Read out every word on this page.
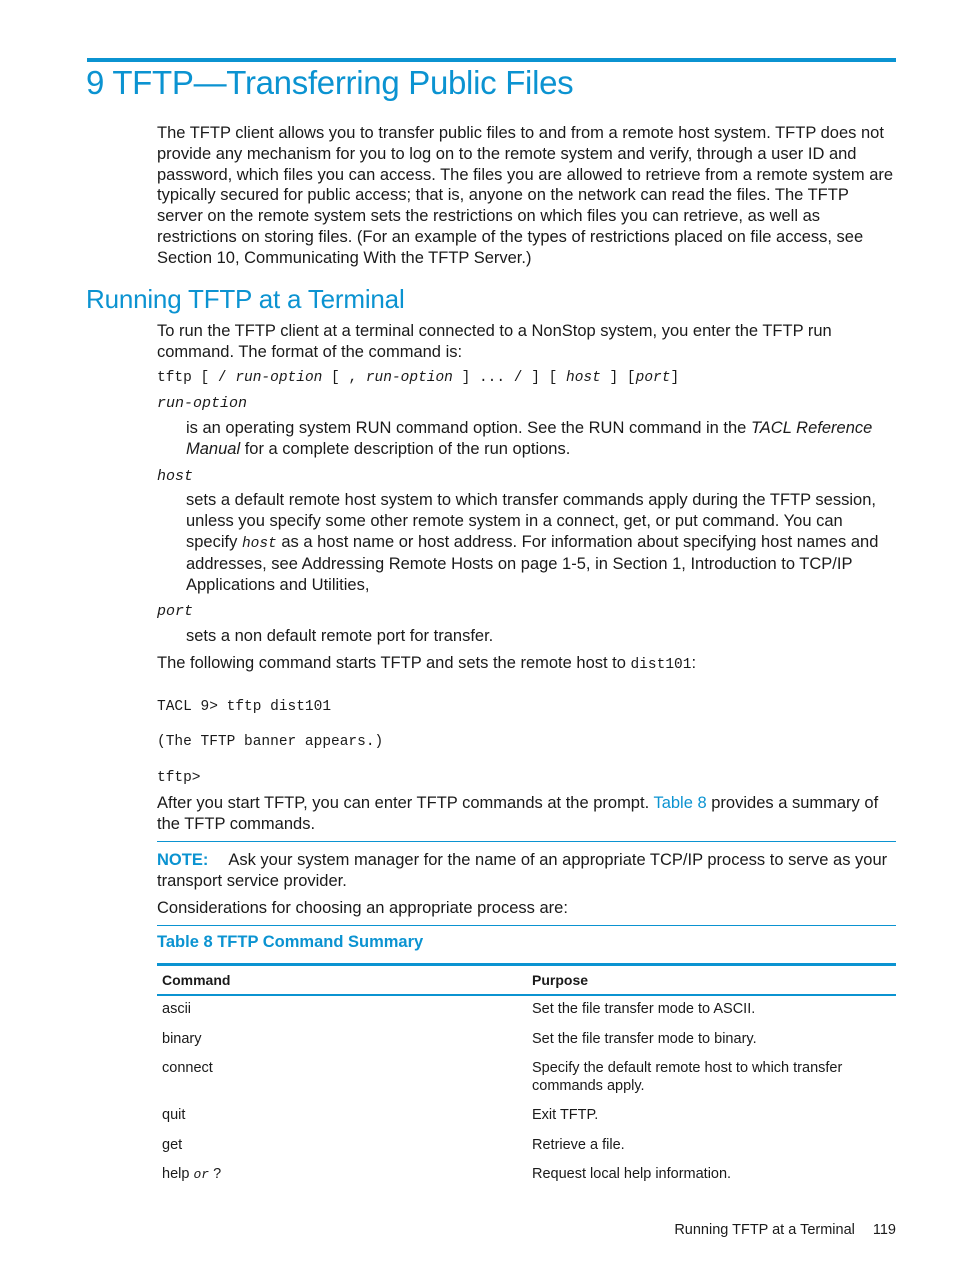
9 TFTP—Transferring Public Files

The TFTP client allows you to transfer public files to and from a remote host system. TFTP does not provide any mechanism for you to log on to the remote system and verify, through a user ID and password, which files you can access. The files you are allowed to retrieve from a remote system are typically secured for public access; that is, anyone on the network can read the files. The TFTP server on the remote system sets the restrictions on which files you can retrieve, as well as restrictions on storing files. (For an example of the types of restrictions placed on file access, see Section 10, Communicating With the TFTP Server.)

Running TFTP at a Terminal

To run the TFTP client at a terminal connected to a NonStop system, you enter the TFTP run command. The format of the command is:

tftp [ / run-option [ , run-option ] ... / ] [ host ] [port]

run-option

is an operating system RUN command option. See the RUN command in the TACL Reference Manual for a complete description of the run options.

host

sets a default remote host system to which transfer commands apply during the TFTP session, unless you specify some other remote system in a connect, get, or put command. You can specify host as a host name or host address. For information about specifying host names and addresses, see Addressing Remote Hosts on page 1-5, in Section 1, Introduction to TCP/IP Applications and Utilities,

port

sets a non default remote port for transfer.

The following command starts TFTP and sets the remote host to dist101:

TACL 9> tftp dist101

(The TFTP banner appears.)

tftp>

After you start TFTP, you can enter TFTP commands at the prompt. Table 8 provides a summary of the TFTP commands.

NOTE: Ask your system manager for the name of an appropriate TCP/IP process to serve as your transport service provider.

Considerations for choosing an appropriate process are:

Table 8 TFTP Command Summary

Command	Purpose
ascii	Set the file transfer mode to ASCII.
binary	Set the file transfer mode to binary.
connect	Specify the default remote host to which transfer commands apply.
quit	Exit TFTP.
get	Retrieve a file.
help or ?	Request local help information.
Running TFTP at a Terminal 119
